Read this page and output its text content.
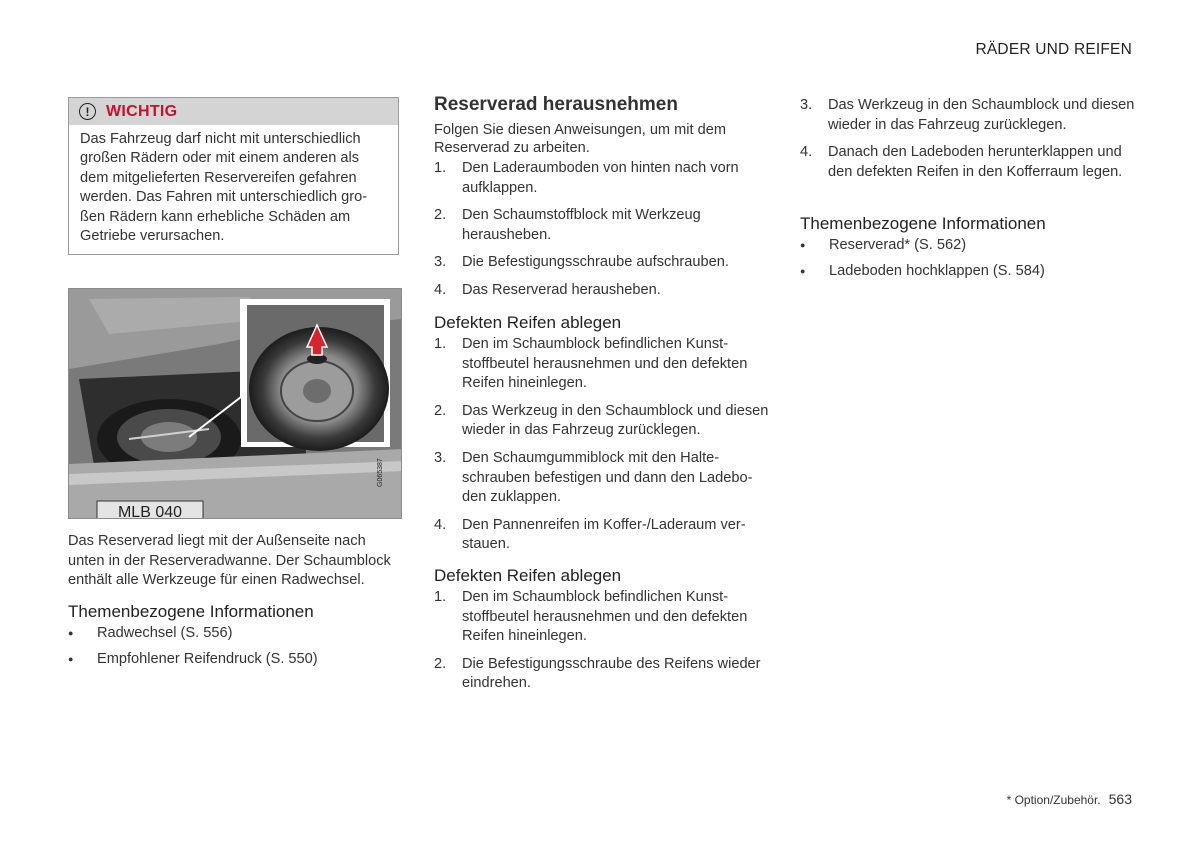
RÄDER UND REIFEN
!	WICHTIG
Das Fahrzeug darf nicht mit unterschiedlich großen Rädern oder mit einem anderen als dem mitgelieferten Reservereifen gefahren werden. Das Fahren mit unterschiedlich großen Rädern kann erhebliche Schäden am Getriebe verursachen.
MLB 040
G065387
Das Reserverad liegt mit der Außenseite nach unten in der Reserveradwanne. Der Schaumblock enthält alle Werkzeuge für einen Radwechsel.
Themenbezogene Informationen
● Radwechsel (S. 556)
● Empfohlener Reifendruck (S. 550)
Reserverad herausnehmen
Folgen Sie diesen Anweisungen, um mit dem Reserverad zu arbeiten.
1. Den Laderaumboden von hinten nach vorn aufklappen.
2. Den Schaumstoffblock mit Werkzeug herausheben.
3. Die Befestigungsschraube aufschrauben.
4. Das Reserverad herausheben.
Defekten Reifen ablegen
1. Den im Schaumblock befindlichen Kunststoffbeutel herausnehmen und den defekten Reifen hineinlegen.
2. Das Werkzeug in den Schaumblock und diesen wieder in das Fahrzeug zurücklegen.
3. Den Schaumgummiblock mit den Halteschrauben befestigen und dann den Ladeboden zuklappen.
4. Den Pannenreifen im Koffer-/Laderaum verstauen.
Defekten Reifen ablegen
1. Den im Schaumblock befindlichen Kunststoffbeutel herausnehmen und den defekten Reifen hineinlegen.
2. Die Befestigungsschraube des Reifens wieder eindrehen.
3. Das Werkzeug in den Schaumblock und diesen wieder in das Fahrzeug zurücklegen.
4. Danach den Ladeboden herunterklappen und den defekten Reifen in den Kofferraum legen.
Themenbezogene Informationen
● Reserverad* (S. 562)
● Ladeboden hochklappen (S. 584)
* Option/Zubehör. 563
